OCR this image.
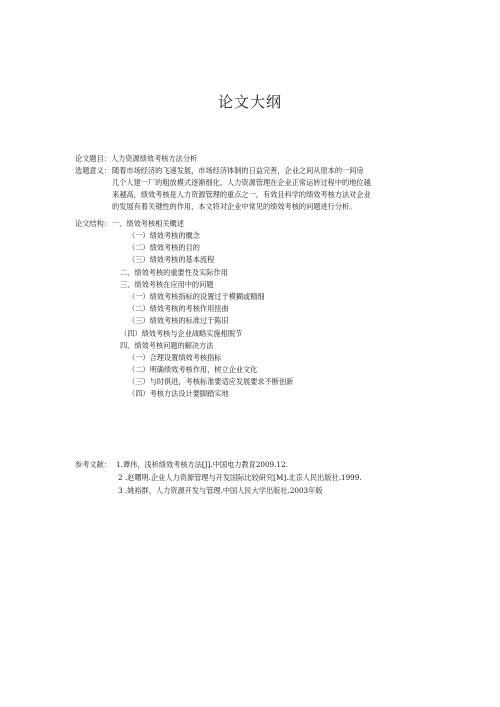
论文大纲
论文题目：人力资源绩效考核方法分析
选题意义： 随着市场经济的飞速发展，市场经济体制的日益完善，企业之间从原本的一间房
几个人建一厂的粗放模式逐渐细化，人力资源管理在企业正常运转过程中的地位越
来越高，绩效考核是人力资源管理的重点之一，有效且科学的绩效考核方法对企业
的发展有着关键性的作用，本文将对企业中常见的绩效考核的问题进行分析。
论文结构： 一、绩效考核相关概述
（一）绩效考核的概念
（二）绩效考核的目的
（三）绩效考核的基本流程
二、绩效考核的重要性及实际作用
三、绩效考核在应用中的问题
（一）绩效考核指标的设置过于模糊或精细
（二）绩效考核的考核作用扭曲
（三）绩效考核的标准过于陈旧
（四）绩效考核与企业战略实施相脱节
四、绩效考核问题的解决方法
（一）合理设置绩效考核指标
（二）明确绩效考核作用，树立企业文化
（三）与时俱进，考核标准要适应发展要求不断创新
（四）考核方法设计要脚踏实地
参考文献： 1.谭伟，浅析绩效考核方法[J].中国电力教育2009.12.
2 .赵曙明.企业人力资源管理与开发国际比较研究[M].北京人民出版社.1999.
3 .姚裕群，人力资源开发与管理.中国人民大学出版社.2003年版
